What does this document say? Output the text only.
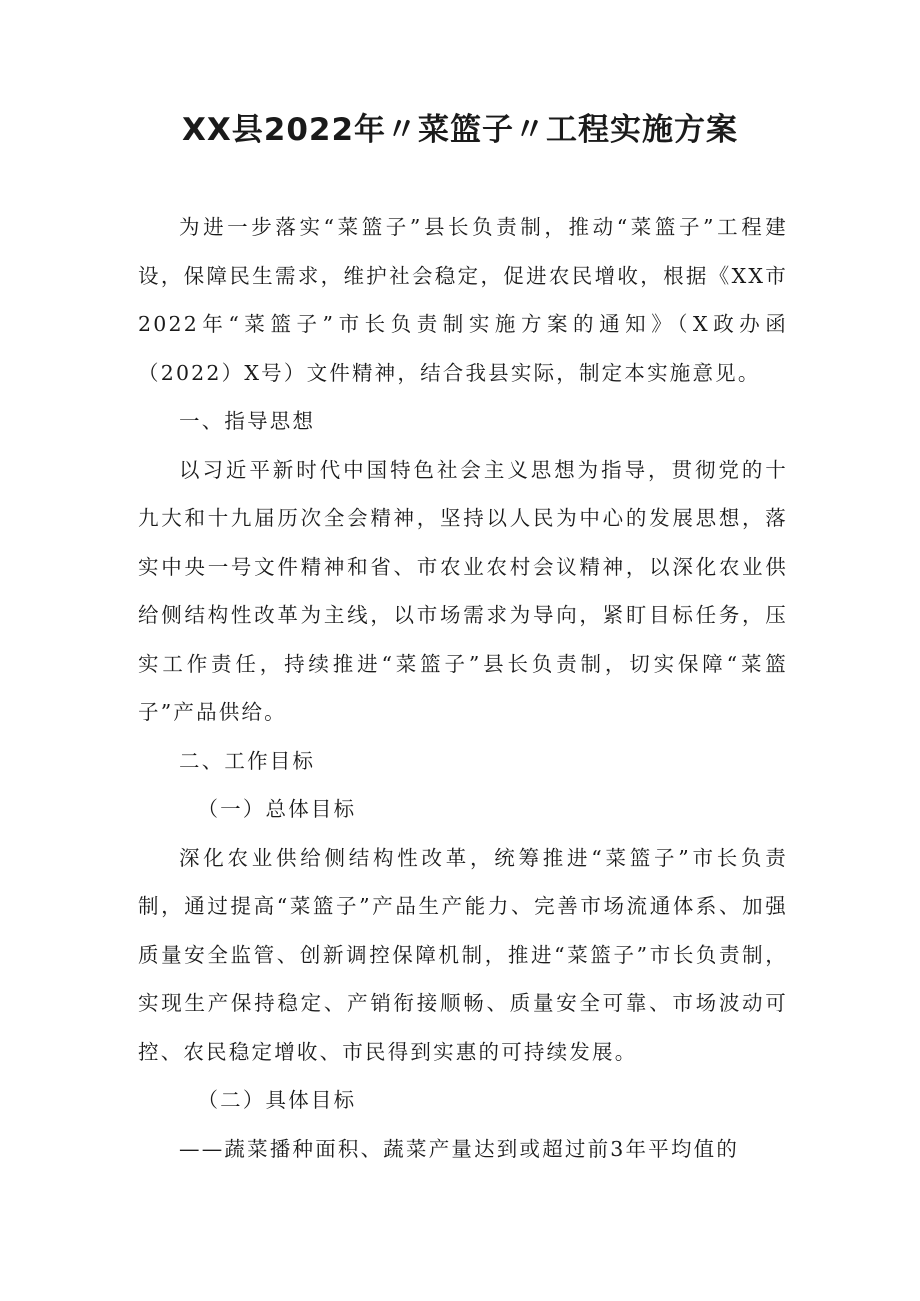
XX县2022年〃菜篮子〃工程实施方案

为进一步落实“菜篮子”县长负责制，推动“菜篮子”工程建设，保障民生需求，维护社会稳定，促进农民增收，根据《XX市2022年“菜篮子”市长负责制实施方案的通知》（X政办函（2022）X号）文件精神，结合我县实际，制定本实施意见。

一、指导思想

以习近平新时代中国特色社会主义思想为指导，贯彻党的十九大和十九届历次全会精神，坚持以人民为中心的发展思想，落实中央一号文件精神和省、市农业农村会议精神，以深化农业供给侧结构性改革为主线，以市场需求为导向，紧盯目标任务，压实工作责任，持续推进“菜篮子”县长负责制，切实保障“菜篮子”产品供给。

二、工作目标

（一）总体目标

深化农业供给侧结构性改革，统筹推进“菜篮子”市长负责制，通过提高“菜篮子”产品生产能力、完善市场流通体系、加强质量安全监管、创新调控保障机制，推进“菜篮子”市长负责制，实现生产保持稳定、产销衔接顺畅、质量安全可靠、市场波动可控、农民稳定增收、市民得到实惠的可持续发展。

（二）具体目标

——蔬菜播种面积、蔬菜产量达到或超过前3年平均值的
